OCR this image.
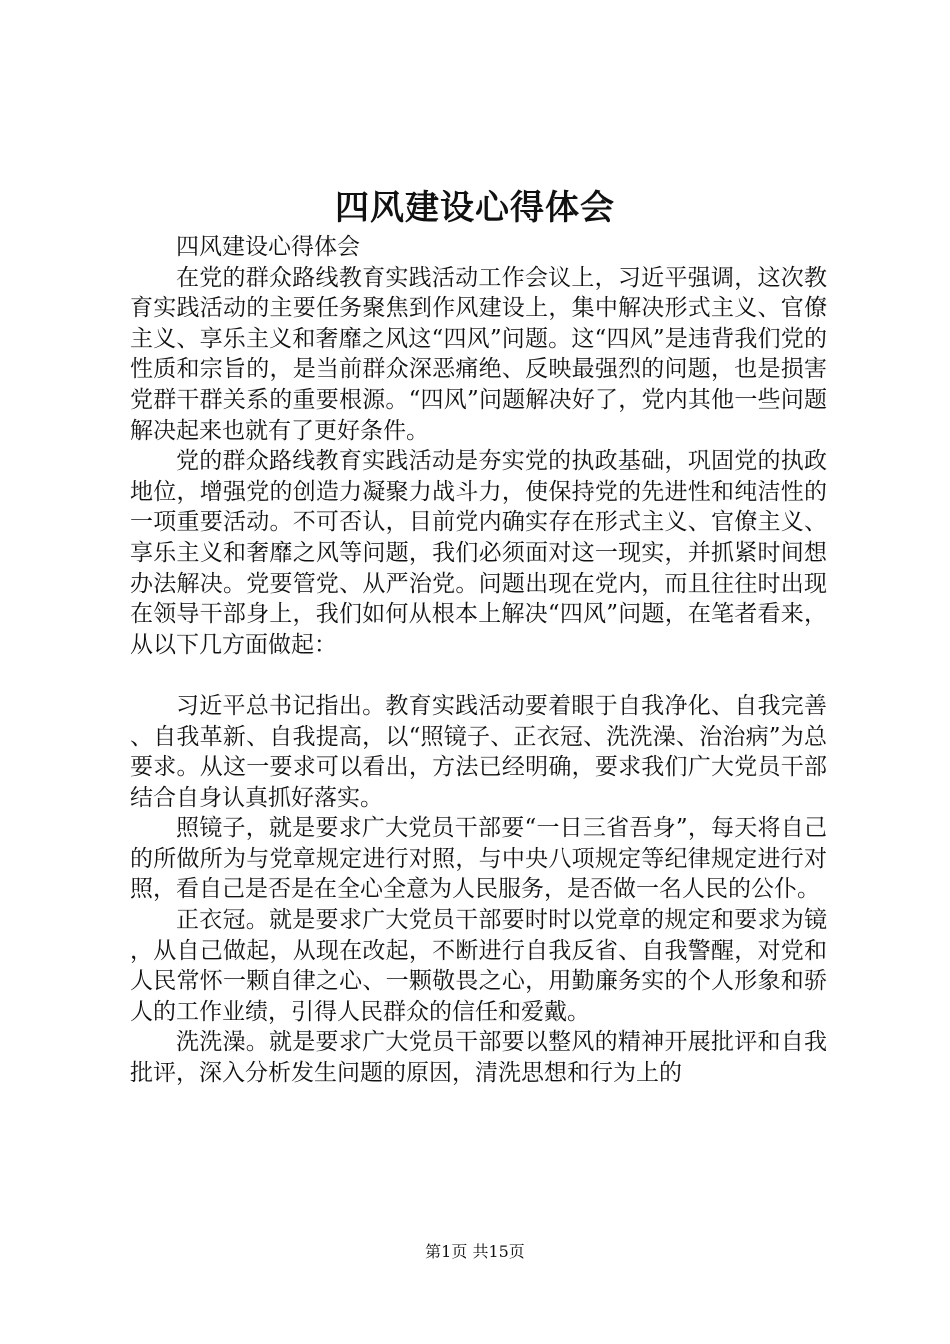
四风建设心得体会

四风建设心得体会

在党的群众路线教育实践活动工作会议上，习近平强调，这次教育实践活动的主要任务聚焦到作风建设上，集中解决形式主义、官僚主义、享乐主义和奢靡之风这“四风”问题。这“四风”是违背我们党的性质和宗旨的，是当前群众深恶痛绝、反映最强烈的问题，也是损害党群干群关系的重要根源。“四风”问题解决好了，党内其他一些问题解决起来也就有了更好条件。

党的群众路线教育实践活动是夯实党的执政基础，巩固党的执政地位，增强党的创造力凝聚力战斗力，使保持党的先进性和纯洁性的一项重要活动。不可否认，目前党内确实存在形式主义、官僚主义、享乐主义和奢靡之风等问题，我们必须面对这一现实，并抓紧时间想办法解决。党要管党、从严治党。问题出现在党内，而且往往时出现在领导干部身上，我们如何从根本上解决“四风”问题，在笔者看来，从以下几方面做起：

习近平总书记指出。教育实践活动要着眼于自我净化、自我完善、自我革新、自我提高，以“照镜子、正衣冠、洗洗澡、治治病”为总要求。从这一要求可以看出，方法已经明确，要求我们广大党员干部结合自身认真抓好落实。

照镜子，就是要求广大党员干部要“一日三省吾身”，每天将自己的所做所为与党章规定进行对照，与中央八项规定等纪律规定进行对照，看自己是否是在全心全意为人民服务，是否做一名人民的公仆。

正衣冠。就是要求广大党员干部要时时以党章的规定和要求为镜，从自己做起，从现在改起，不断进行自我反省、自我警醒，对党和人民常怀一颗自律之心、一颗敬畏之心，用勤廉务实的个人形象和骄人的工作业绩，引得人民群众的信任和爱戴。

洗洗澡。就是要求广大党员干部要以整风的精神开展批评和自我批评，深入分析发生问题的原因，清洗思想和行为上的

第1页 共15页
